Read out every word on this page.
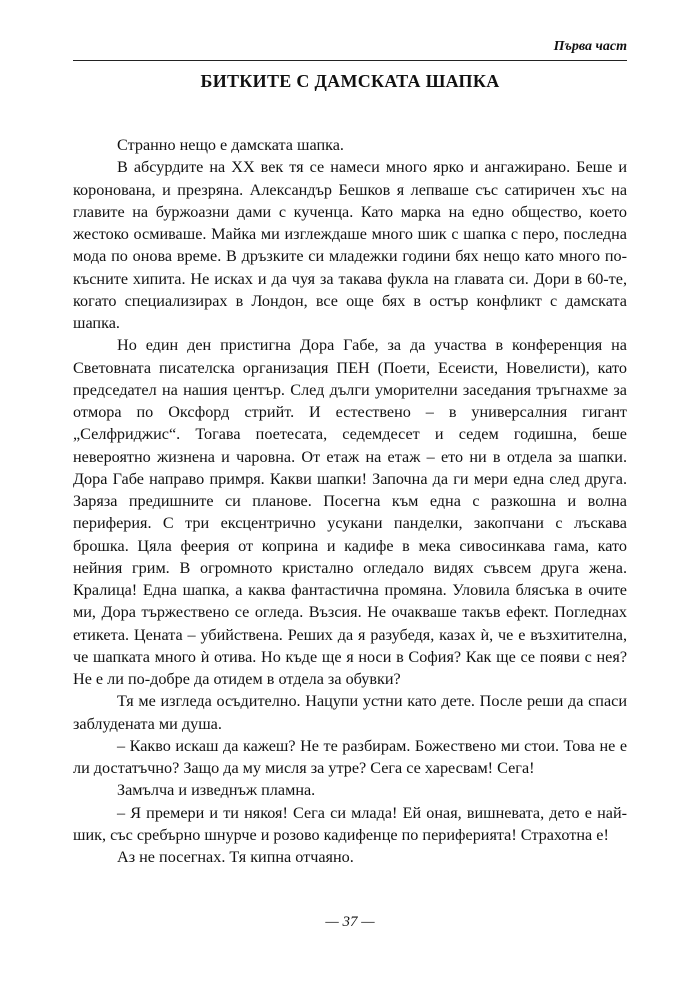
Първа част
БИТКИТЕ С ДАМСКАТА ШАПКА

Странно нещо е дамската шапка.

В абсурдите на ХХ век тя се намеси много ярко и ангажирано. Беше и коронована, и презряна. Александър Бешков я лепваше със сатиричен хъс на главите на буржоазни дами с кученца. Като марка на едно общество, което жестоко осмиваше. Майка ми изглеждаше много шик с шапка с перо, последна мода по онова време. В дръзките си младежки години бях нещо като много по-късните хипита. Не исках и да чуя за такава фукла на главата си. Дори в 60-те, когато специализирах в Лондон, все още бях в остър конфликт с дамската шапка.

Но един ден пристигна Дора Габе, за да участва в конференция на Световната писателска организация ПЕН (Поети, Есеисти, Новелисти), като председател на нашия център. След дълги уморителни заседания тръгнахме за отмора по Оксфорд стрийт. И естествено – в универсалния гигант „Селфриджис“. Тогава поетесата, седемдесет и седем годишна, беше невероятно жизнена и чаровна. От етаж на етаж – ето ни в отдела за шапки. Дора Габе направо примря. Какви шапки! Започна да ги мери една след друга. Заряза предишните си планове. Посегна към една с разкошна и волна периферия. С три ексцентрично усукани панделки, закопчани с лъскава брошка. Цяла феерия от коприна и кадифе в мека сивосинкава гама, като нейния грим. В огромното кристално огледало видях съвсем друга жена. Кралица! Една шапка, а каква фантастична промяна. Уловила блясъка в очите ми, Дора тържествено се огледа. Възсия. Не очакваше такъв ефект. Погледнах етикета. Цената – убийствена. Реших да я разубедя, казах ѝ, че е възхитителна, че шапката много ѝ отива. Но къде ще я носи в София? Как ще се появи с нея? Не е ли по-добре да отидем в отдела за обувки?

Тя ме изгледа осъдително. Нацупи устни като дете. После реши да спаси заблудената ми душа.

– Какво искаш да кажеш? Не те разбирам. Божествено ми стои. Това не е ли достатъчно? Защо да му мисля за утре? Сега се харесвам! Сега!

Замълча и изведнъж пламна.

– Я премери и ти някоя! Сега си млада! Ей оная, вишневата, дето е най-шик, със сребърно шнурче и розово кадифенце по периферията! Страхотна е!

Аз не посегнах. Тя кипна отчаяно.

— 37 —
